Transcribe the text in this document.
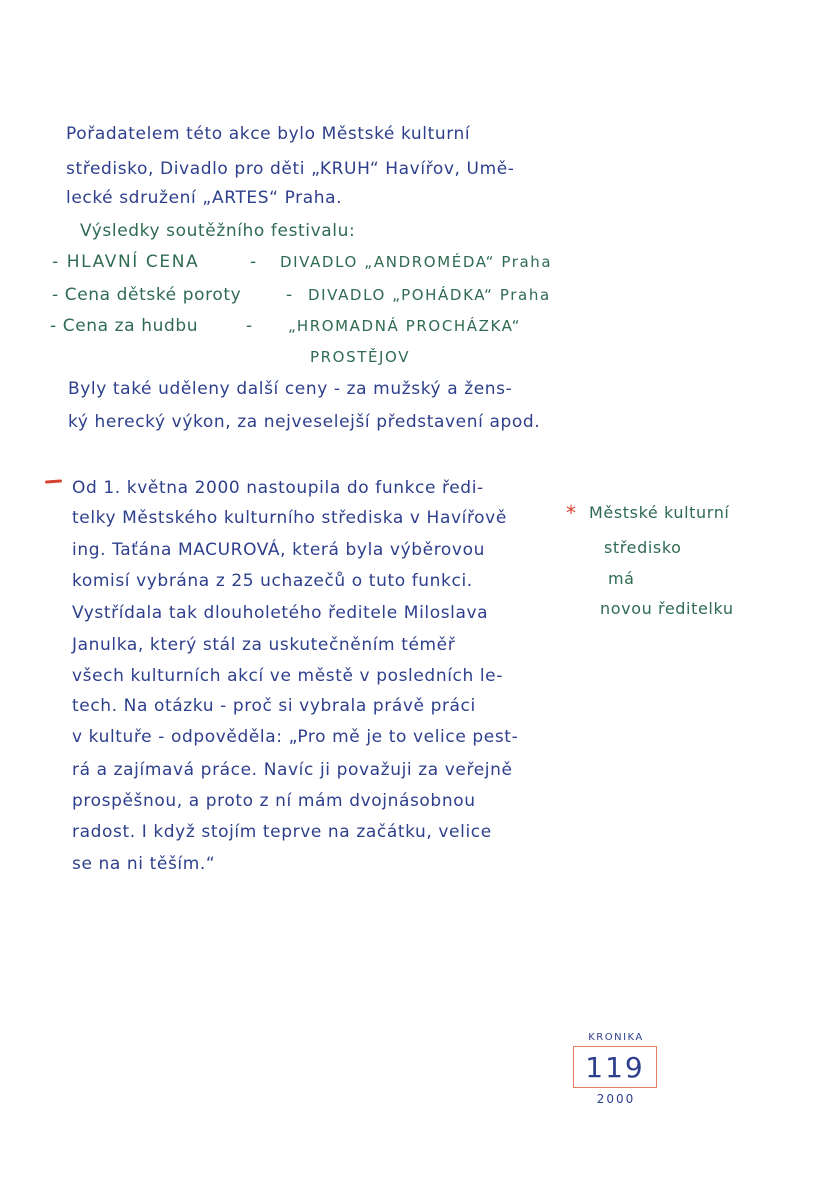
Pořadatelem této akce bylo Městské kulturní
středisko, Divadlo pro děti „KRUH“ Havířov, Umě-
lecké sdružení „ARTES“ Praha.
Výsledky soutěžního festivalu:
- HLAVNÍ CENA	- DIVADLO „ANDROMÉDA“ Praha
- Cena dětské poroty	- DIVADLO „POHÁDKA“ Praha
- Cena za hudbu	- „HROMADNÁ PROCHÁZKA“
PROSTĚJOV
Byly také uděleny další ceny - za mužský a žens-
ký herecký výkon, za nejveselejší představení apod.
Od 1. května 2000 nastoupila do funkce ředi-
telky Městského kulturního střediska v Havířově
ing. Taťána MACUROVÁ, která byla výběrovou
komisí vybrána z 25 uchazečů o tuto funkci.
Vystřídala tak dlouholetého ředitele Miloslava
Janulka, který stál za uskutečněním téměř
všech kulturních akcí ve městě v posledních le-
tech. Na otázku - proč si vybrala právě práci
v kultuře - odpověděla: „Pro mě je to velice pest-
rá a zajímavá práce. Navíc ji považuji za veřejně
prospěšnou, a proto z ní mám dvojnásobnou
radost. I když stojím teprve na začátku, velice
se na ni těším.“
* Městské kulturní
středisko
má
novou ředitelku
KRONIKA
119
2000
